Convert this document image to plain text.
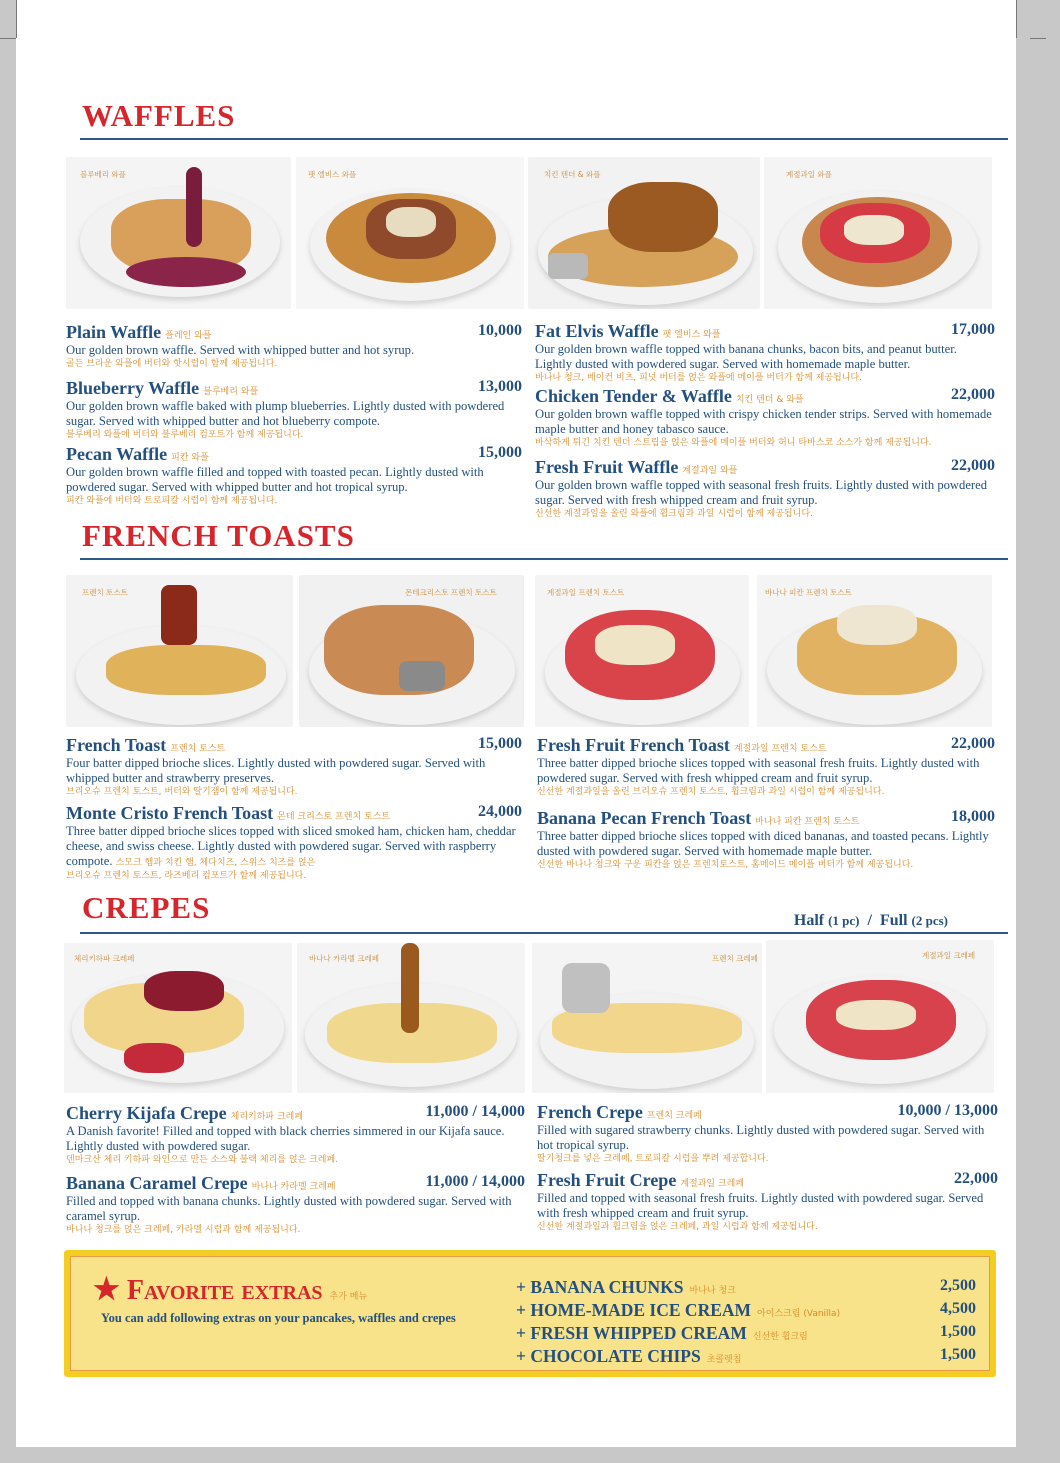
WAFFLES
블루베리 와플	팻 엘비스 와플	치킨 텐더 & 와플	계절과일 와플
Plain Waffle 플레인 와플	10,000
Our golden brown waffle. Served with whipped butter and hot syrup.
골든 브라운 와플에 버터와 핫시럽이 함께 제공됩니다.
Blueberry Waffle 블루베리 와플	13,000
Our golden brown waffle baked with plump blueberries. Lightly dusted with powdered sugar. Served with whipped butter and hot blueberry compote.
블루베리 와플에 버터와 블루베리 컴포트가 함께 제공됩니다.
Pecan Waffle 피칸 와플	15,000
Our golden brown waffle filled and topped with toasted pecan. Lightly dusted with powdered sugar. Served with whipped butter and hot tropical syrup.
피칸 와플에 버터와 트로피칼 시럽이 함께 제공됩니다.
Fat Elvis Waffle 팻 엘비스 와플	17,000
Our golden brown waffle topped with banana chunks, bacon bits, and peanut butter. Lightly dusted with powdered sugar. Served with homemade maple butter.
바나나 청크, 베이컨 비츠, 피넛 버터를 얹은 와플에 메이플 버터가 함께 제공됩니다.
Chicken Tender & Waffle 치킨 텐더 & 와플	22,000
Our golden brown waffle topped with crispy chicken tender strips. Served with homemade maple butter and honey tabasco sauce.
바삭하게 튀긴 치킨 텐더 스트립을 얹은 와플에 메이플 버터와 허니 타바스코 소스가 함께 제공됩니다.
Fresh Fruit Waffle 계절과일 와플	22,000
Our golden brown waffle topped with seasonal fresh fruits. Lightly dusted with powdered sugar. Served with fresh whipped cream and fruit syrup.
신선한 계절과일을 올린 와플에 휩크림과 과일 시럽이 함께 제공됩니다.
FRENCH TOASTS
프렌치 토스트	몬테크리스토 프렌치 토스트	계절과일 프렌치 토스트	바나나 피칸 프렌치 토스트
French Toast 프렌치 토스트	15,000
Four batter dipped brioche slices. Lightly dusted with powdered sugar. Served with whipped butter and strawberry preserves.
브리오슈 프렌치 토스트, 버터와 딸기잼이 함께 제공됩니다.
Monte Cristo French Toast 몬테 크리스토 프렌치 토스트	24,000
Three batter dipped brioche slices topped with sliced smoked ham, chicken ham, cheddar cheese, and swiss cheese. Lightly dusted with powdered sugar. Served with raspberry compote. 스모크 햄과 치킨 햄, 체다치즈, 스위스 치즈를 얹은
브리오슈 프렌치 토스트, 라즈베리 컴포트가 함께 제공됩니다.
Fresh Fruit French Toast 계절과일 프렌치 토스트	22,000
Three batter dipped brioche slices topped with seasonal fresh fruits. Lightly dusted with powdered sugar. Served with fresh whipped cream and fruit syrup.
신선한 계절과일을 올린 브리오슈 프렌치 토스트, 휩크림과 과일 시럽이 함께 제공됩니다.
Banana Pecan French Toast 바나나 피칸 프렌치 토스트	18,000
Three batter dipped brioche slices topped with diced bananas, and toasted pecans. Lightly dusted with powdered sugar. Served with homemade maple butter.
신선한 바나나 청크와 구운 피칸을 얹은 프렌치토스트, 홈메이드 메이플 버터가 함께 제공됩니다.
CREPES	Half (1 pc) / Full (2 pcs)
체리키하파 크레페	바나나 카라멜 크레페	프렌치 크레페	계절과일 크레페
Cherry Kijafa Crepe 체리키하파 크레페	11,000 / 14,000
A Danish favorite! Filled and topped with black cherries simmered in our Kijafa sauce. Lightly dusted with powdered sugar.
덴마크산 체리 키하파 와인으로 만든 소스와 블랙 체리를 얹은 크레페.
Banana Caramel Crepe 바나나 카라멜 크레페	11,000 / 14,000
Filled and topped with banana chunks. Lightly dusted with powdered sugar. Served with caramel syrup.
바나나 청크를 얹은 크레페, 카라멜 시럽과 함께 제공됩니다.
French Crepe 프렌치 크레페	10,000 / 13,000
Filled with sugared strawberry chunks. Lightly dusted with powdered sugar. Served with hot tropical syrup.
딸기청크를 넣은 크레페, 트로피칼 시럽을 뿌려 제공합니다.
Fresh Fruit Crepe 계절과일 크레페	22,000
Filled and topped with seasonal fresh fruits. Lightly dusted with powdered sugar. Served with fresh whipped cream and fruit syrup.
신선한 계절과일과 휩크림을 얹은 크레페, 과일 시럽과 함께 제공됩니다.
★ Favorite extras 추가 메뉴
You can add following extras on your pancakes, waffles and crepes
+ BANANA CHUNKS 바나나 청크	2,500
+ HOME-MADE ICE CREAM 아이스크림 (Vanilla)	4,500
+ FRESH WHIPPED CREAM 신선한 휩크림	1,500
+ CHOCOLATE CHIPS 초콜렛칩	1,500
